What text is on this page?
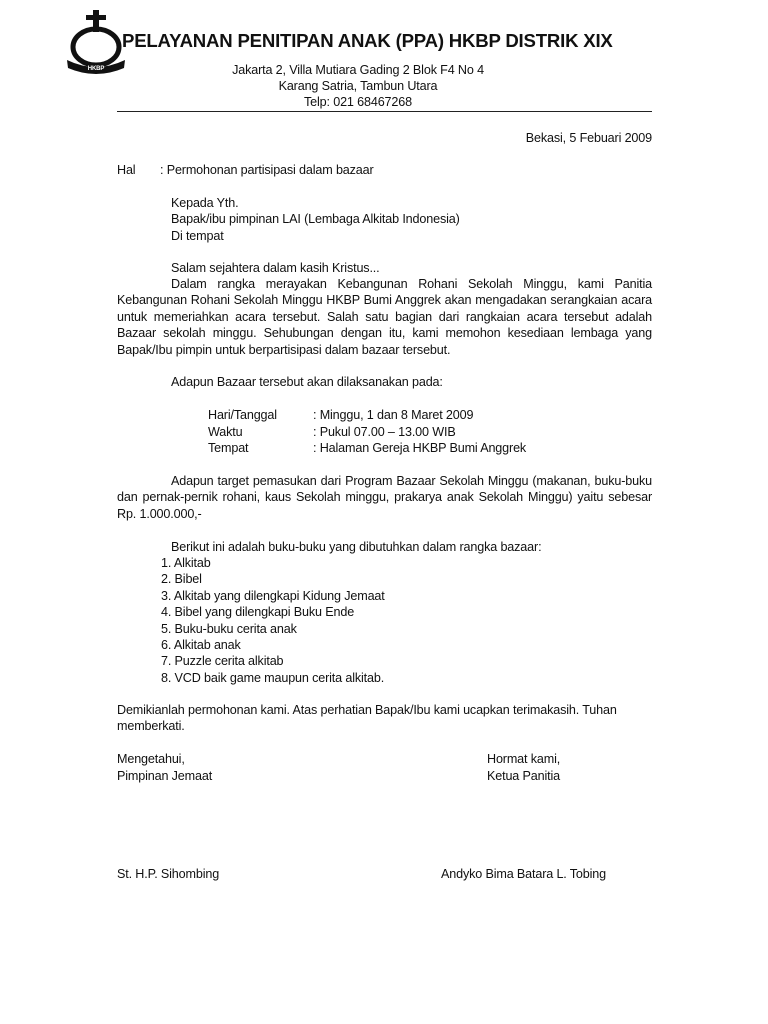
HKBP
PELAYANAN PENITIPAN ANAK (PPA) HKBP DISTRIK XIX
Jakarta 2, Villa Mutiara Gading 2 Blok F4 No 4
Karang Satria, Tambun Utara
Telp: 021 68467268
Bekasi, 5 Febuari 2009
Hal : Permohonan partisipasi dalam bazaar
Kepada Yth.
Bapak/ibu pimpinan LAI (Lembaga Alkitab Indonesia)
Di tempat
Salam sejahtera dalam kasih Kristus...
Dalam rangka merayakan Kebangunan Rohani Sekolah Minggu, kami Panitia Kebangunan Rohani Sekolah Minggu HKBP Bumi Anggrek akan mengadakan serangkaian acara untuk memeriahkan acara tersebut. Salah satu bagian dari rangkaian acara tersebut adalah Bazaar sekolah minggu. Sehubungan dengan itu, kami memohon kesediaan lembaga yang Bapak/Ibu pimpin untuk berpartisipasi dalam bazaar tersebut.
Adapun Bazaar tersebut akan dilaksanakan pada:
Hari/Tanggal	: Minggu, 1 dan 8 Maret 2009
Waktu	: Pukul 07.00 – 13.00 WIB
Tempat	: Halaman Gereja HKBP Bumi Anggrek
Adapun target pemasukan dari Program Bazaar Sekolah Minggu (makanan, buku-buku dan pernak-pernik rohani, kaus Sekolah minggu, prakarya anak Sekolah Minggu) yaitu sebesar Rp. 1.000.000,-
Berikut ini adalah buku-buku yang dibutuhkan dalam rangka bazaar:
1. Alkitab
2. Bibel
3. Alkitab yang dilengkapi Kidung Jemaat
4. Bibel yang dilengkapi Buku Ende
5. Buku-buku cerita anak
6. Alkitab anak
7. Puzzle cerita alkitab
8. VCD baik game maupun cerita alkitab.
Demikianlah permohonan kami. Atas perhatian Bapak/Ibu kami ucapkan terimakasih. Tuhan memberkati.
Mengetahui,
Pimpinan Jemaat
Hormat kami,
Ketua Panitia
St. H.P. Sihombing	Andyko Bima Batara L. Tobing
